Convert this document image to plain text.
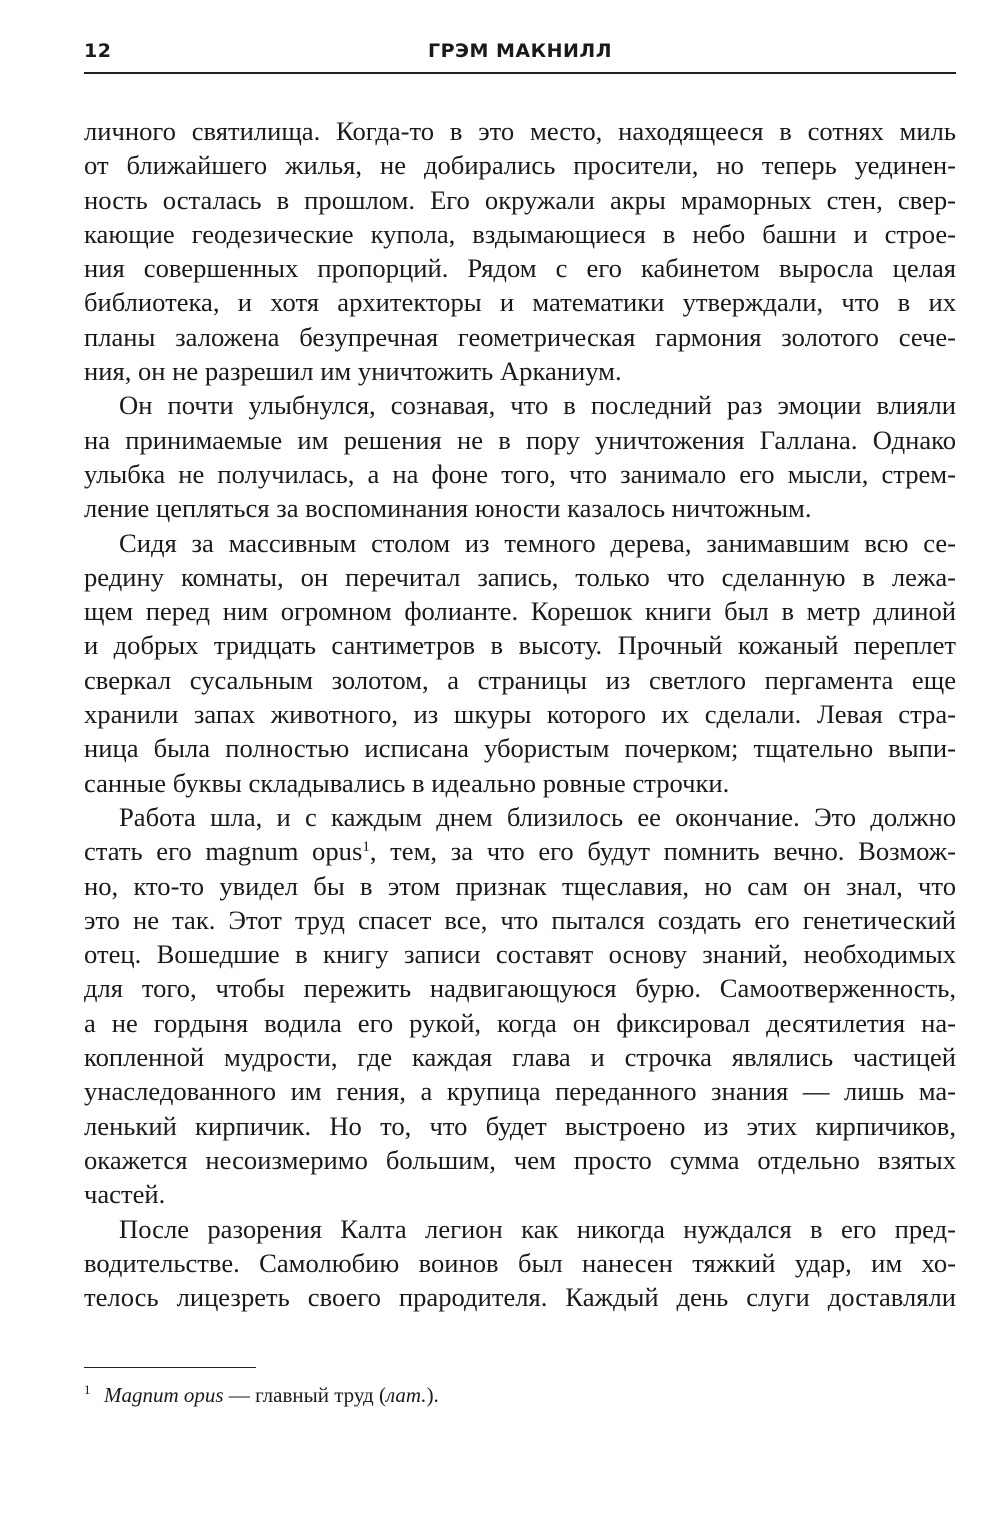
12	ГРЭМ МАКНИЛЛ
личного святилища. Когда-то в это место, находящееся в сотнях миль
от ближайшего жилья, не добирались просители, но теперь уединен-
ность осталась в прошлом. Его окружали акры мраморных стен, свер-
кающие геодезические купола, вздымающиеся в небо башни и строе-
ния совершенных пропорций. Рядом с его кабинетом выросла целая
библиотека, и хотя архитекторы и математики утверждали, что в их
планы заложена безупречная геометрическая гармония золотого сече-
ния, он не разрешил им уничтожить Арканиум.
Он почти улыбнулся, сознавая, что в последний раз эмоции влияли
на принимаемые им решения не в пору уничтожения Галлана. Однако
улыбка не получилась, а на фоне того, что занимало его мысли, стрем-
ление цепляться за воспоминания юности казалось ничтожным.
Сидя за массивным столом из темного дерева, занимавшим всю се-
редину комнаты, он перечитал запись, только что сделанную в лежа-
щем перед ним огромном фолианте. Корешок книги был в метр длиной
и добрых тридцать сантиметров в высоту. Прочный кожаный переплет
сверкал сусальным золотом, а страницы из светлого пергамента еще
хранили запах животного, из шкуры которого их сделали. Левая стра-
ница была полностью исписана убористым почерком; тщательно выпи-
санные буквы складывались в идеально ровные строчки.
Работа шла, и с каждым днем близилось ее окончание. Это должно
стать его magnum opus$^1$, тем, за что его будут помнить вечно. Возмож-
но, кто-то увидел бы в этом признак тщеславия, но сам он знал, что
это не так. Этот труд спасет все, что пытался создать его генетический
отец. Вошедшие в книгу записи составят основу знаний, необходимых
для того, чтобы пережить надвигающуюся бурю. Самоотверженность,
а не гордыня водила его рукой, когда он фиксировал десятилетия на-
копленной мудрости, где каждая глава и строчка являлись частицей
унаследованного им гения, а крупица переданного знания — лишь ма-
ленький кирпичик. Но то, что будет выстроено из этих кирпичиков,
окажется несоизмеримо большим, чем просто сумма отдельно взятых
частей.
После разорения Калта легион как никогда нуждался в его пред-
водительстве. Самолюбию воинов был нанесен тяжкий удар, им хо-
телось лицезреть своего прародителя. Каждый день слуги доставляли
$^1$ Magnum opus — главный труд (лат.).
